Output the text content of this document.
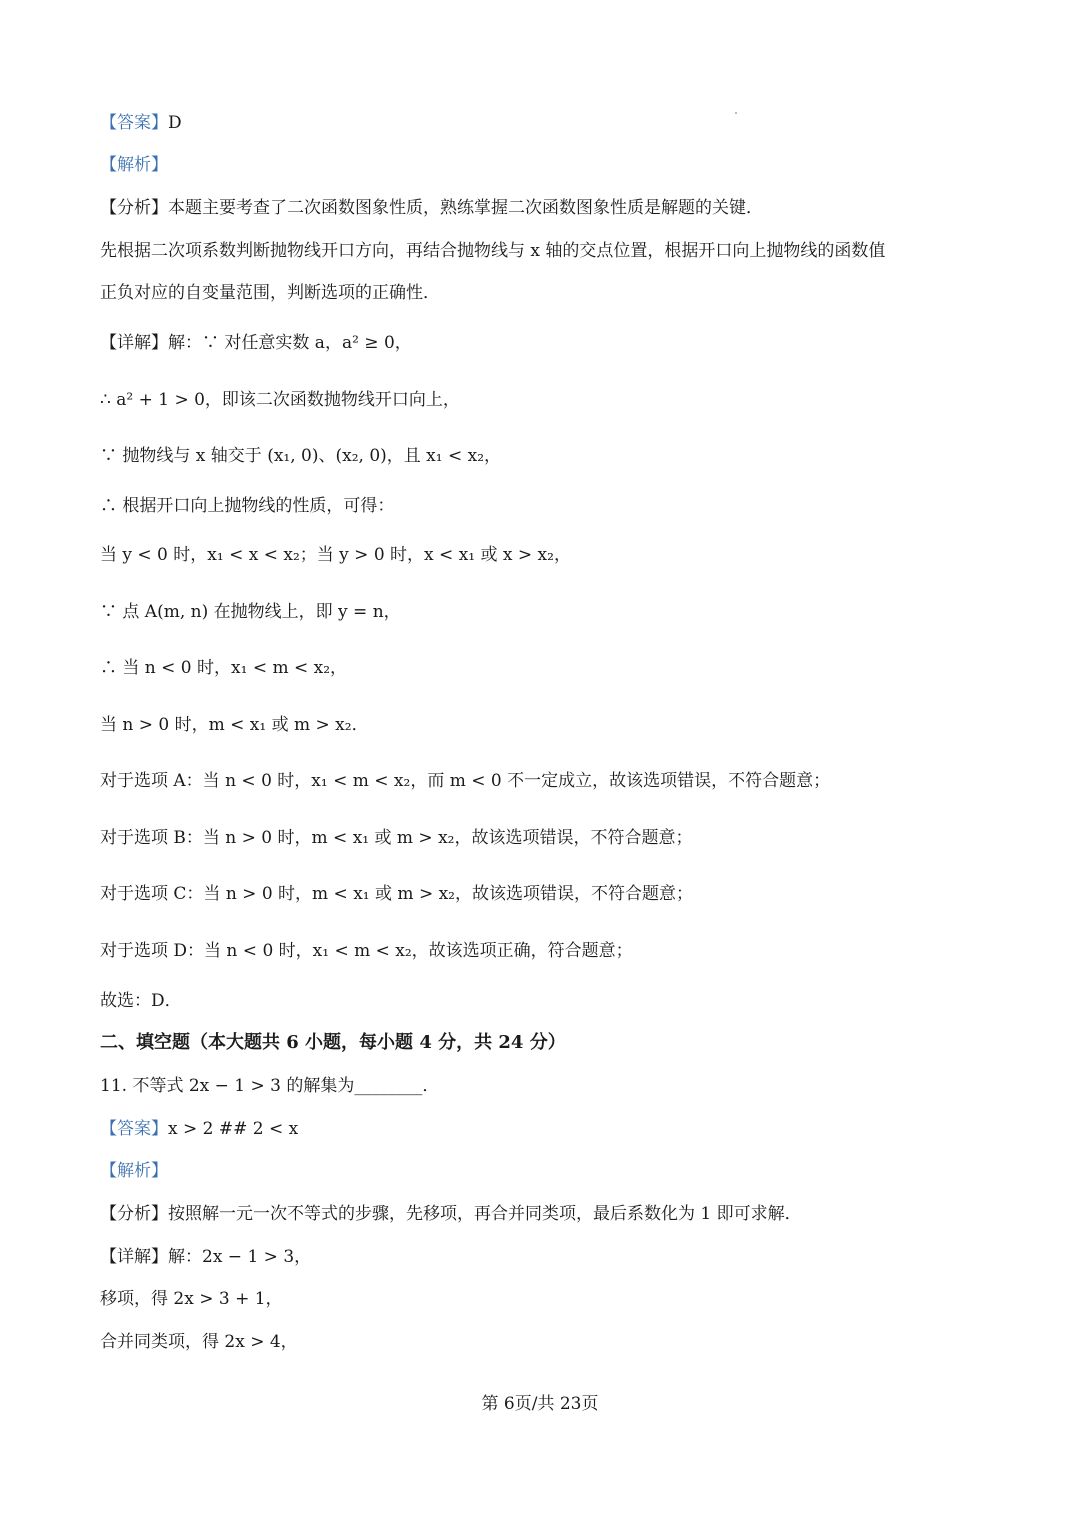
【答案】D

【解析】

【分析】本题主要考查了二次函数图象性质，熟练掌握二次函数图象性质是解题的关键．

先根据二次项系数判断抛物线开口方向，再结合抛物线与 x 轴的交点位置，根据开口向上抛物线的函数值

正负对应的自变量范围，判断选项的正确性．

【详解】解：∵ 对任意实数 a，a² ≥ 0，

∴ a² + 1 > 0，即该二次函数抛物线开口向上，

∵ 抛物线与 x 轴交于 (x₁, 0)、(x₂, 0)，且 x₁ < x₂，

∴ 根据开口向上抛物线的性质，可得：

当 y < 0 时，x₁ < x < x₂；当 y > 0 时，x < x₁ 或 x > x₂，

∵ 点 A(m, n) 在抛物线上，即 y = n，

∴ 当 n < 0 时，x₁ < m < x₂，

当 n > 0 时，m < x₁ 或 m > x₂．

对于选项 A：当 n < 0 时，x₁ < m < x₂，而 m < 0 不一定成立，故该选项错误，不符合题意；

对于选项 B：当 n > 0 时，m < x₁ 或 m > x₂，故该选项错误，不符合题意；

对于选项 C：当 n > 0 时，m < x₁ 或 m > x₂，故该选项错误，不符合题意；

对于选项 D：当 n < 0 时，x₁ < m < x₂，故该选项正确，符合题意；

故选：D．

二、填空题（本大题共 6 小题，每小题 4 分，共 24 分）

11. 不等式 2x − 1 > 3 的解集为________．

【答案】x > 2 ## 2 < x

【解析】

【分析】按照解一元一次不等式的步骤，先移项，再合并同类项，最后系数化为 1 即可求解．

【详解】解：2x − 1 > 3，

移项，得 2x > 3 + 1，

合并同类项，得 2x > 4，

第 6页/共 23页
